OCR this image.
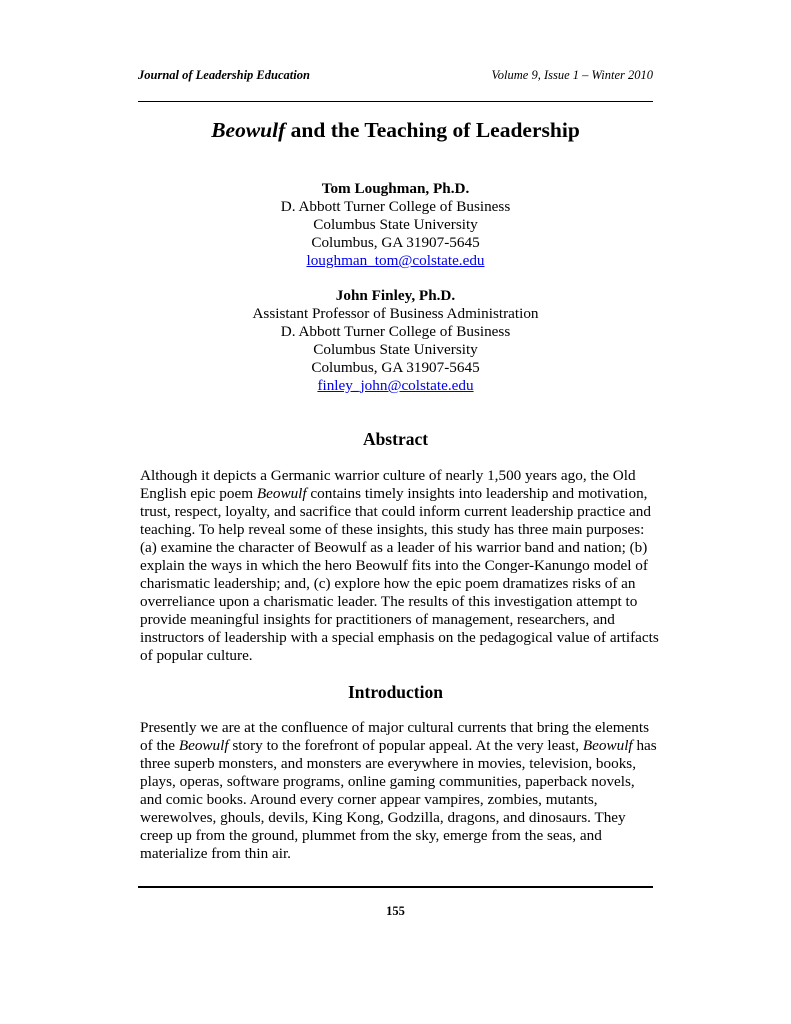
Journal of Leadership Education	Volume 9, Issue 1 – Winter 2010
Beowulf and the Teaching of Leadership
Tom Loughman, Ph.D.
D. Abbott Turner College of Business
Columbus State University
Columbus, GA 31907-5645
loughman_tom@colstate.edu
John Finley, Ph.D.
Assistant Professor of Business Administration
D. Abbott Turner College of Business
Columbus State University
Columbus, GA 31907-5645
finley_john@colstate.edu
Abstract

Although it depicts a Germanic warrior culture of nearly 1,500 years ago, the Old English epic poem Beowulf contains timely insights into leadership and motivation, trust, respect, loyalty, and sacrifice that could inform current leadership practice and teaching. To help reveal some of these insights, this study has three main purposes: (a) examine the character of Beowulf as a leader of his warrior band and nation; (b) explain the ways in which the hero Beowulf fits into the Conger-Kanungo model of charismatic leadership; and, (c) explore how the epic poem dramatizes risks of an overreliance upon a charismatic leader. The results of this investigation attempt to provide meaningful insights for practitioners of management, researchers, and instructors of leadership with a special emphasis on the pedagogical value of artifacts of popular culture.

Introduction

Presently we are at the confluence of major cultural currents that bring the elements of the Beowulf story to the forefront of popular appeal. At the very least, Beowulf has three superb monsters, and monsters are everywhere in movies, television, books, plays, operas, software programs, online gaming communities, paperback novels, and comic books. Around every corner appear vampires, zombies, mutants, werewolves, ghouls, devils, King Kong, Godzilla, dragons, and dinosaurs. They creep up from the ground, plummet from the sky, emerge from the seas, and materialize from thin air.

155
